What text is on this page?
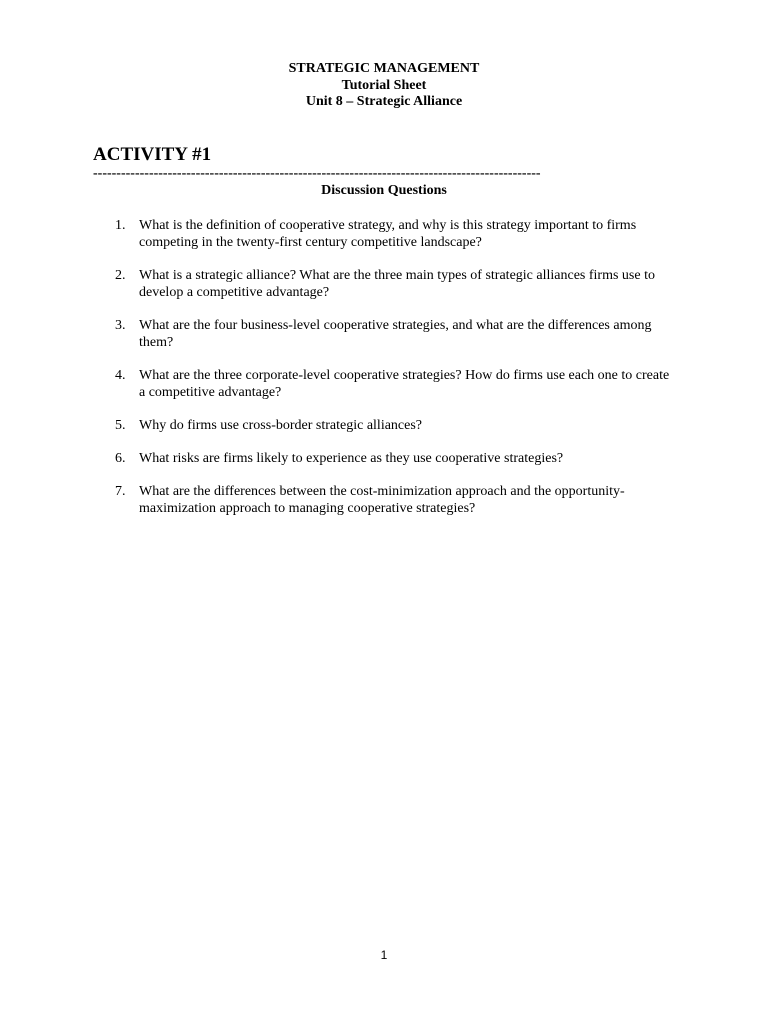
STRATEGIC MANAGEMENT
Tutorial Sheet
Unit 8 – Strategic Alliance
ACTIVITY #1
------------------------------------------------------------------------------------------------
Discussion Questions
1. What is the definition of cooperative strategy, and why is this strategy important to firms competing in the twenty-first century competitive landscape?
2. What is a strategic alliance? What are the three main types of strategic alliances firms use to develop a competitive advantage?
3. What are the four business-level cooperative strategies, and what are the differences among them?
4. What are the three corporate-level cooperative strategies? How do firms use each one to create a competitive advantage?
5. Why do firms use cross-border strategic alliances?
6. What risks are firms likely to experience as they use cooperative strategies?
7. What are the differences between the cost-minimization approach and the opportunity-maximization approach to managing cooperative strategies?
1
